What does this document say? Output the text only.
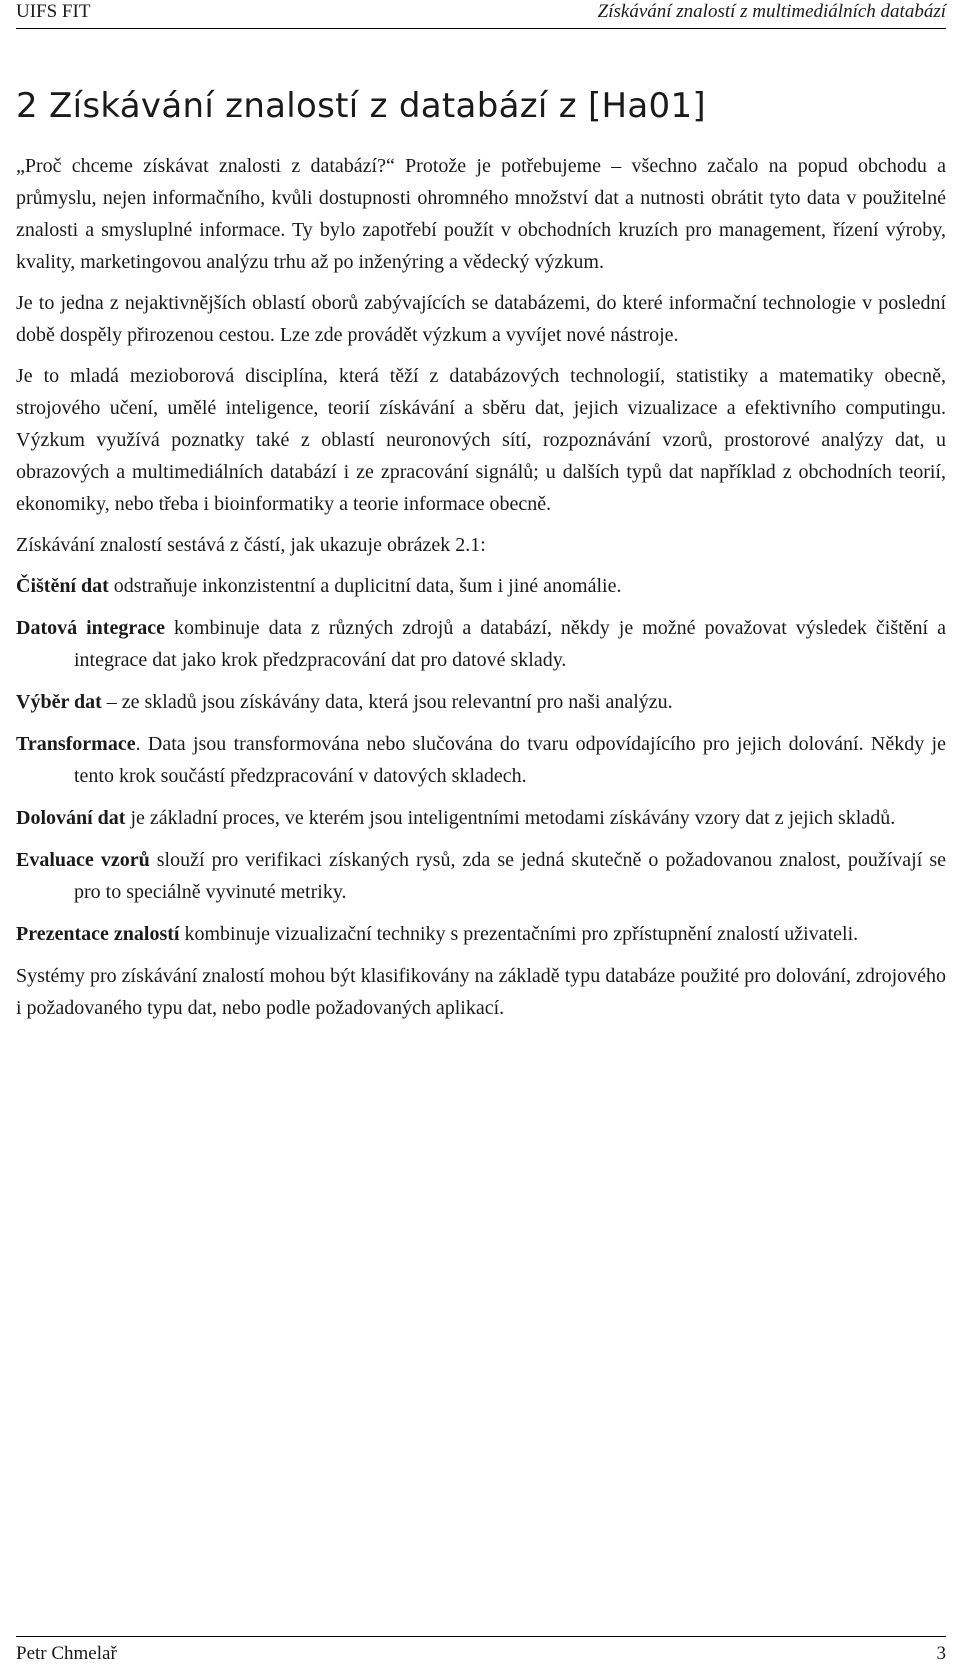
UIFS FIT	Získávání znalostí z multimediálních databází
2 Získávání znalostí z databází z [Ha01]

„Proč chceme získávat znalosti z databází?“ Protože je potřebujeme – všechno začalo na popud obchodu a průmyslu, nejen informačního, kvůli dostupnosti ohromného množství dat a nutnosti obrátit tyto data v použitelné znalosti a smysluplné informace. Ty bylo zapotřebí použít v obchodních kruzích pro management, řízení výroby, kvality, marketingovou analýzu trhu až po inženýring a vědecký výzkum.

Je to jedna z nejaktivnějších oblastí oborů zabývajících se databázemi, do které informační technologie v poslední době dospěly přirozenou cestou. Lze zde provádět výzkum a vyvíjet nové nástroje.

Je to mladá mezioborová disciplína, která těží z databázových technologií, statistiky a matematiky obecně, strojového učení, umělé inteligence, teorií získávání a sběru dat, jejich vizualizace a efektivního computingu. Výzkum využívá poznatky také z oblastí neuronových sítí, rozpoznávání vzorů, prostorové analýzy dat, u obrazových a multimediálních databází i ze zpracování signálů; u dalších typů dat například z obchodních teorií, ekonomiky, nebo třeba i bioinformatiky a teorie informace obecně.

Získávání znalostí sestává z částí, jak ukazuje obrázek 2.1:

Čištění dat odstraňuje inkonzistentní a duplicitní data, šum i jiné anomálie.

Datová integrace kombinuje data z různých zdrojů a databází, někdy je možné považovat výsledek čištění a integrace dat jako krok předzpracování dat pro datové sklady.

Výběr dat – ze skladů jsou získávány data, která jsou relevantní pro naši analýzu.

Transformace. Data jsou transformována nebo slučována do tvaru odpovídajícího pro jejich dolování. Někdy je tento krok součástí předzpracování v datových skladech.

Dolování dat je základní proces, ve kterém jsou inteligentními metodami získávány vzory dat z jejich skladů.

Evaluace vzorů slouží pro verifikaci získaných rysů, zda se jedná skutečně o požadovanou znalost, používají se pro to speciálně vyvinuté metriky.

Prezentace znalostí kombinuje vizualizační techniky s prezentačními pro zpřístupnění znalostí uživateli.

Systémy pro získávání znalostí mohou být klasifikovány na základě typu databáze použité pro dolování, zdrojového i požadovaného typu dat, nebo podle požadovaných aplikací.

Petr Chmelař	3
